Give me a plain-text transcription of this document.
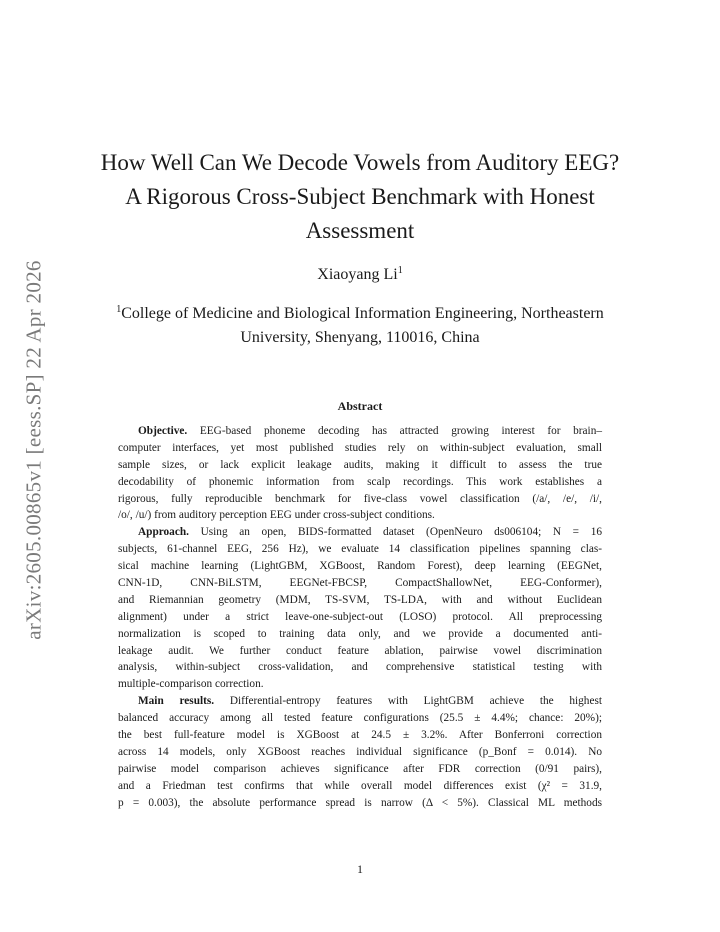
arXiv:2605.00865v1 [eess.SP] 22 Apr 2026
How Well Can We Decode Vowels from Auditory EEG?
A Rigorous Cross-Subject Benchmark with Honest
Assessment
Xiaoyang Li$^1$
$^1$College of Medicine and Biological Information Engineering, Northeastern
University, Shenyang, 110016, China
Abstract
Objective. EEG-based phoneme decoding has attracted growing interest for brain–
computer interfaces, yet most published studies rely on within-subject evaluation, small
sample sizes, or lack explicit leakage audits, making it difficult to assess the true
decodability of phonemic information from scalp recordings. This work establishes a
rigorous, fully reproducible benchmark for five-class vowel classification (/a/, /e/, /i/,
/o/, /u/) from auditory perception EEG under cross-subject conditions.
Approach. Using an open, BIDS-formatted dataset (OpenNeuro ds006104; N = 16
subjects, 61-channel EEG, 256 Hz), we evaluate 14 classification pipelines spanning clas-
sical machine learning (LightGBM, XGBoost, Random Forest), deep learning (EEGNet,
CNN-1D, CNN-BiLSTM, EEGNet-FBCSP, CompactShallowNet, EEG-Conformer),
and Riemannian geometry (MDM, TS-SVM, TS-LDA, with and without Euclidean
alignment) under a strict leave-one-subject-out (LOSO) protocol. All preprocessing
normalization is scoped to training data only, and we provide a documented anti-
leakage audit. We further conduct feature ablation, pairwise vowel discrimination
analysis, within-subject cross-validation, and comprehensive statistical testing with
multiple-comparison correction.
Main results. Differential-entropy features with LightGBM achieve the highest
balanced accuracy among all tested feature configurations (25.5 ± 4.4%; chance: 20%);
the best full-feature model is XGBoost at 24.5 ± 3.2%. After Bonferroni correction
across 14 models, only XGBoost reaches individual significance (p_Bonf = 0.014). No
pairwise model comparison achieves significance after FDR correction (0/91 pairs),
and a Friedman test confirms that while overall model differences exist (χ² = 31.9,
p = 0.003), the absolute performance spread is narrow (Δ < 5%). Classical ML methods
1
